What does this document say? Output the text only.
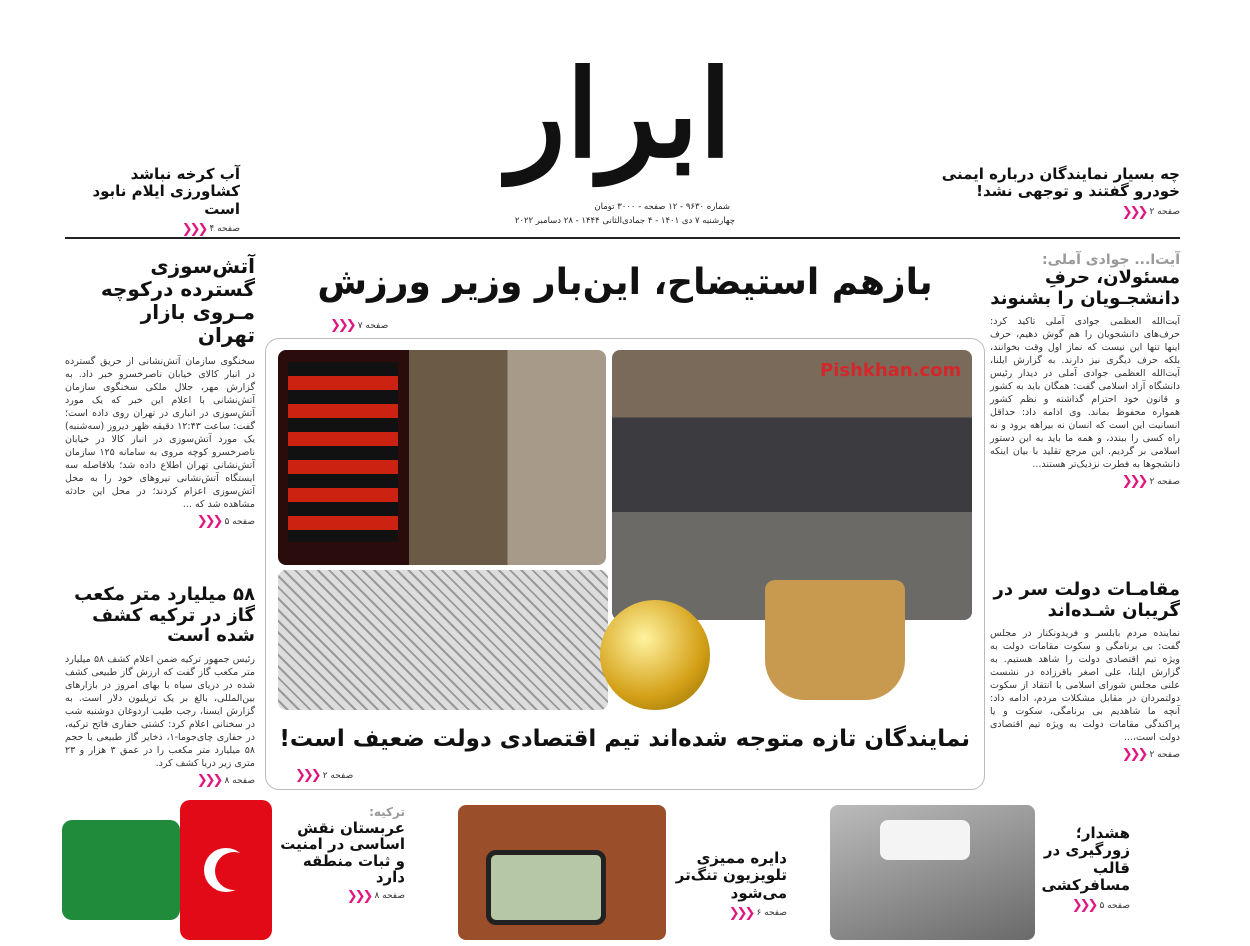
ابرار
شماره ۹۶۳۰ - ۱۲ صفحه - ۳۰۰۰ تومان
چهارشنبه ۷ دی ۱۴۰۱ - ۴ جمادی‌الثانی ۱۴۴۴ - ۲۸ دسامبر ۲۰۲۲
چه بسیار نمایندگان درباره ایمنی خودرو گفتند و توجهی نشد!
صفحه ۲
❮❮❮
آب کرخه نباشد کشاورزی ایلام نابود است
صفحه ۴
❮❮❮
بازهم استیضاح، این‌بار وزیر ورزش
صفحه ۷
❮❮❮
Pishkhan.com
نمایندگان تازه متوجه شده‌اند تیم اقتصادی دولت ضعیف است!
صفحه ۲
❮❮❮
آیت‌ا... جوادی آملی:
مسئولان، حرفِ دانشجـویان را بشنوند
آیت‌الله العظمی جوادی آملی تاکید کرد: حرف‌های دانشجویان را هم گوش دهیم، حرف اینها تنها این نیست که نماز اول وقت بخوانند، بلکه حرف دیگری نیز دارند. به گزارش ایلنا، آیت‌الله العظمی جوادی آملی در دیدار رئیس دانشگاه آزاد اسلامی گفت: همگان باید به کشور و قانون خود احترام گذاشته و نظم کشور همواره محفوظ بماند. وی ادامه داد: حداقل انسانیت این است که انسان نه بیراهه برود و نه راه کسی را ببندد، و همه ما باید به این دستور اسلامی بر گردیم. این مرجع تقلید با بیان اینکه دانشجوها به فطرت نزدیک‌تر هستند...
صفحه ۲
❮❮❮
مقامـات دولت سر در گریبان شـده‌اند
نماینده مردم بابلسر و فریدونکنار در مجلس گفت: بی برنامگی و سکوت مقامات دولت به ویژه تیم اقتصادی دولت را شاهد هستیم. به گزارش ایلنا، علی اصغر باقرزاده در نشست علنی مجلس شورای اسلامی با انتقاد از سکوت دولتمردان در مقابل مشکلات مردم، ادامه داد: آنچه ما شاهدیم بی برنامگی، سکوت و یا پراکندگی مقامات دولت به ویژه تیم اقتصادی دولت است،...
صفحه ۲
❮❮❮
آتش‌سوزی گسترده درکوچه مـروی بازار تهران
سخنگوی سازمان آتش‌نشانی از حریق گسترده در انبار کالای خیابان ناصرخسرو خبر داد. به گزارش مهر، جلال ملکی سخنگوی سازمان آتش‌نشانی با اعلام این خبر که یک مورد آتش‌سوزی در انباری در تهران روی داده است؛ گفت: ساعت ۱۲:۴۳ دقیقه ظهر دیروز (سه‌شنبه) یک مورد آتش‌سوزی در انبار کالا در خیابان ناصرخسرو کوچه مروی به سامانه ۱۲۵ سازمان آتش‌نشانی تهران اطلاع داده شد؛ بلافاصله سه ایستگاه آتش‌نشانی نیروهای خود را به محل آتش‌سوزی اعزام کردند؛ در محل این حادثه مشاهده شد که ...
صفحه ۵
❮❮❮
۵۸ میلیارد متر مکعب گاز در ترکیه کشف شده است
رئیس جمهور ترکیه ضمن اعلام کشف ۵۸ میلیارد متر مکعب گاز گفت که ارزش گاز طبیعی کشف شده در دریای سیاه با بهای امروز در بازارهای بین‌المللی، بالغ بر یک تریلیون دلار است. به گزارش ایسنا، رجب طیب اردوغان دوشنبه شب در سخنانی اعلام کرد: کشتی حفاری فاتح ترکیه، در حفاری چای‌جوما-۱، ذخایر گاز طبیعی با حجم ۵۸ میلیارد متر مکعب را در عمق ۳ هزار و ۲۳ متری زیر دریا کشف کرد.
صفحه ۸
❮❮❮
ترکیه:
عربستان نقش اساسی در امنیت و ثبات منطقه دارد
صفحه ۸
❮❮❮
دایره ممیزی تلویزیون تنگ‌تر می‌شود
صفحه ۶
❮❮❮
هشدار؛ زورگیری در قالب مسافرکشی
صفحه ۵
❮❮❮
